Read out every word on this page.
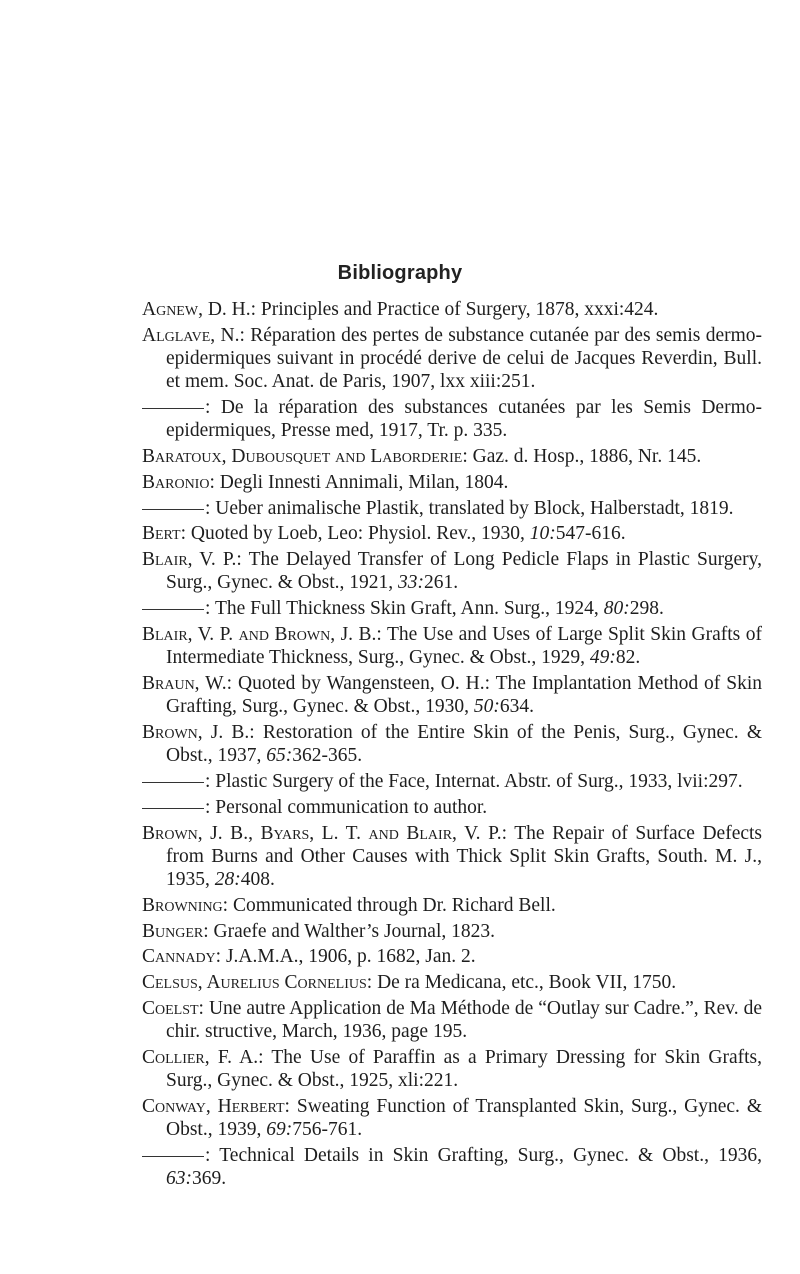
Bibliography

Agnew, D. H.: Principles and Practice of Surgery, 1878, xxxi:424.

Alglave, N.: Réparation des pertes de substance cutanée par des semis dermo-epidermiques suivant in procédé derive de celui de Jacques Reverdin, Bull. et mem. Soc. Anat. de Paris, 1907, lxx xiii:251.

: De la réparation des substances cutanées par les Semis Dermo-epidermiques, Presse med, 1917, Tr. p. 335.

Baratoux, Dubousquet and Laborderie: Gaz. d. Hosp., 1886, Nr. 145.

Baronio: Degli Innesti Annimali, Milan, 1804.

: Ueber animalische Plastik, translated by Block, Halberstadt, 1819.

Bert: Quoted by Loeb, Leo: Physiol. Rev., 1930, 10:547-616.

Blair, V. P.: The Delayed Transfer of Long Pedicle Flaps in Plastic Surgery, Surg., Gynec. & Obst., 1921, 33:261.

: The Full Thickness Skin Graft, Ann. Surg., 1924, 80:298.

Blair, V. P. and Brown, J. B.: The Use and Uses of Large Split Skin Grafts of Intermediate Thickness, Surg., Gynec. & Obst., 1929, 49:82.

Braun, W.: Quoted by Wangensteen, O. H.: The Implantation Method of Skin Grafting, Surg., Gynec. & Obst., 1930, 50:634.

Brown, J. B.: Restoration of the Entire Skin of the Penis, Surg., Gynec. & Obst., 1937, 65:362-365.

: Plastic Surgery of the Face, Internat. Abstr. of Surg., 1933, lvii:297.

: Personal communication to author.

Brown, J. B., Byars, L. T. and Blair, V. P.: The Repair of Surface Defects from Burns and Other Causes with Thick Split Skin Grafts, South. M. J., 1935, 28:408.

Browning: Communicated through Dr. Richard Bell.

Bunger: Graefe and Walther’s Journal, 1823.

Cannady: J.A.M.A., 1906, p. 1682, Jan. 2.

Celsus, Aurelius Cornelius: De ra Medicana, etc., Book VII, 1750.

Coelst: Une autre Application de Ma Méthode de “Outlay sur Cadre.”, Rev. de chir. structive, March, 1936, page 195.

Collier, F. A.: The Use of Paraffin as a Primary Dressing for Skin Grafts, Surg., Gynec. & Obst., 1925, xli:221.

Conway, Herbert: Sweating Function of Transplanted Skin, Surg., Gynec. & Obst., 1939, 69:756-761.

: Technical Details in Skin Grafting, Surg., Gynec. & Obst., 1936, 63:369.
